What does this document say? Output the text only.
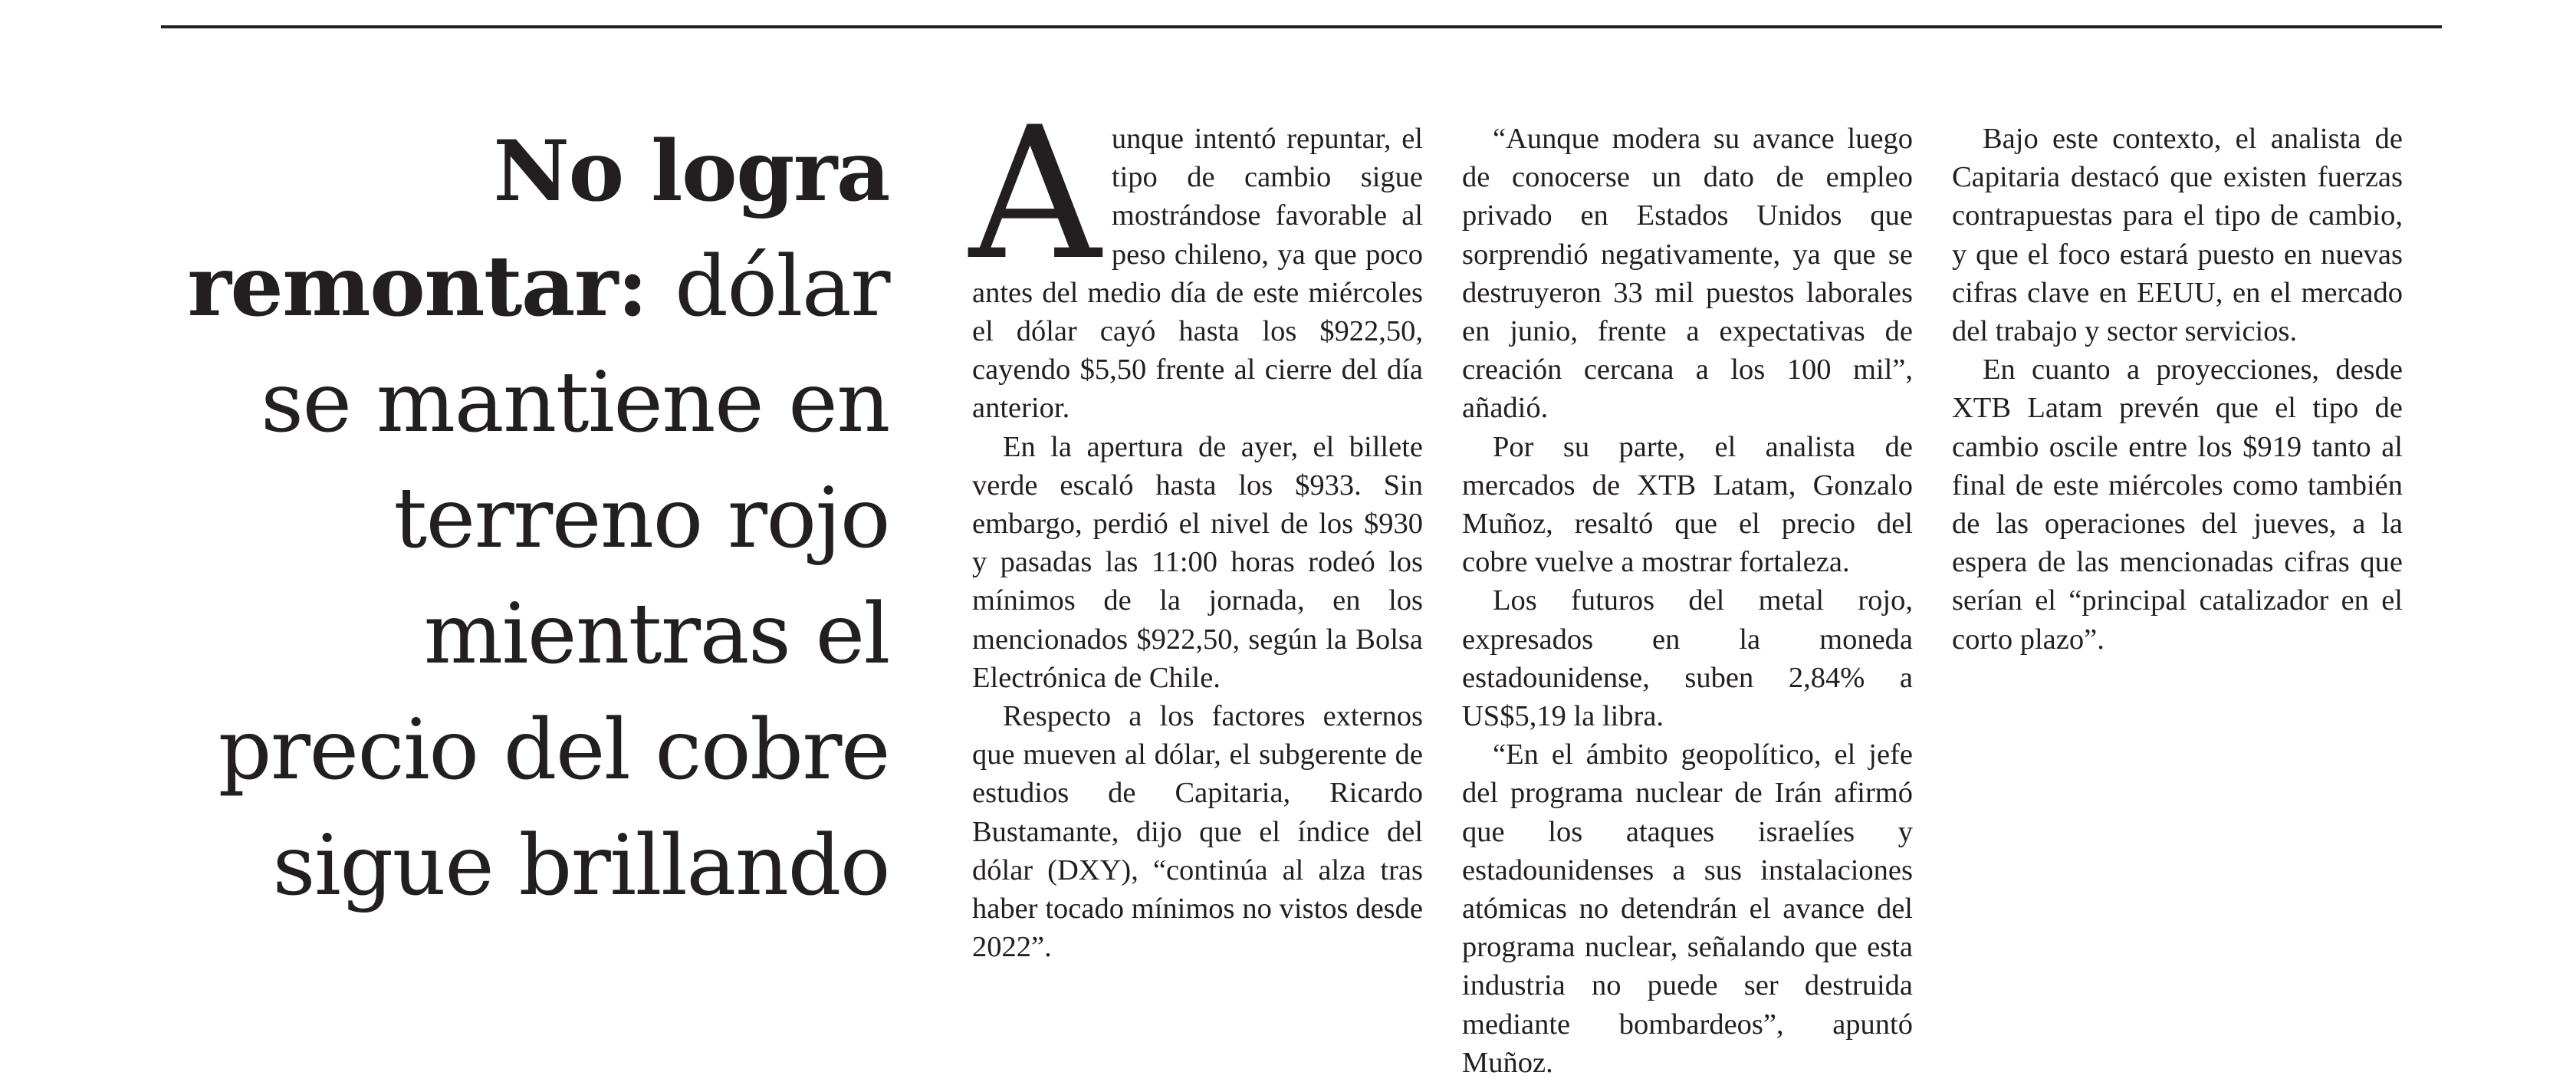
No logra remontar: dólar se mantiene en terreno rojo mientras el precio del cobre sigue brillando
A unque intentó repuntar, el tipo de cambio sigue mostrándose favorable al peso chileno, ya que poco antes del medio día de este miércoles el dólar cayó hasta los $922,50, cayendo $5,50 frente al cierre del día anterior.

En la apertura de ayer, el billete verde escaló hasta los $933. Sin embargo, perdió el nivel de los $930 y pasadas las 11:00 horas rodeó los mínimos de la jornada, en los mencionados $922,50, según la Bolsa Electrónica de Chile.

Respecto a los factores externos que mueven al dólar, el subgerente de estudios de Capitaria, Ricardo Bustamante, dijo que el índice del dólar (DXY), “continúa al alza tras haber tocado mínimos no vistos desde 2022”.

“Aunque modera su avance luego de conocerse un dato de empleo privado en Estados Unidos que sorprendió negativamente, ya que se destruyeron 33 mil puestos laborales en junio, frente a expectativas de creación cercana a los 100 mil”, añadió.

Por su parte, el analista de mercados de XTB Latam, Gonzalo Muñoz, resaltó que el precio del cobre vuelve a mostrar fortaleza.

Los futuros del metal rojo, expresados en la moneda estadounidense, suben 2,84% a US$5,19 la libra.

“En el ámbito geopolítico, el jefe del programa nuclear de Irán afirmó que los ataques israelíes y estadounidenses a sus instalaciones atómicas no detendrán el avance del programa nuclear, señalando que esta industria no puede ser destruida mediante bombardeos”, apuntó Muñoz.

Bajo este contexto, el analista de Capitaria destacó que existen fuerzas contrapuestas para el tipo de cambio, y que el foco estará puesto en nuevas cifras clave en EEUU, en el mercado del trabajo y sector servicios.

En cuanto a proyecciones, desde XTB Latam prevén que el tipo de cambio oscile entre los $919 tanto al final de este miércoles como también de las operaciones del jueves, a la espera de las mencionadas cifras que serían el “principal catalizador en el corto plazo”.
